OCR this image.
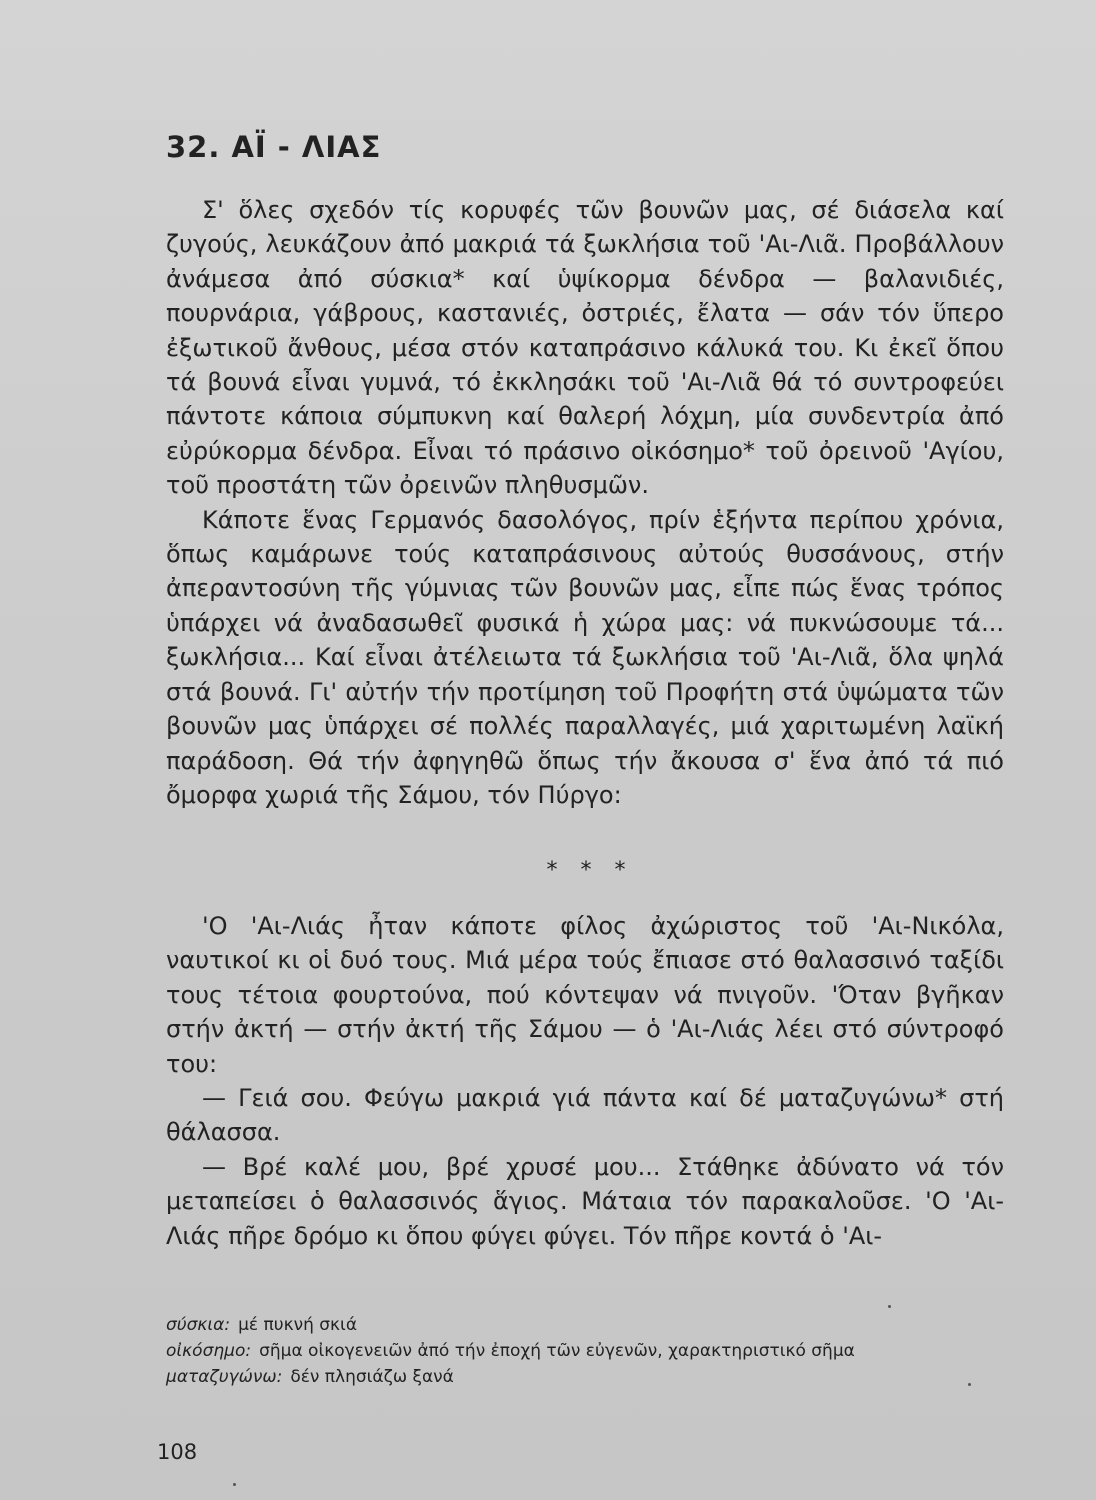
32. ΑΪ - ΛΙΑΣ

Σ' ὅλες σχεδόν τίς κορυφές τῶν βουνῶν μας, σέ διάσελα καί ζυγούς, λευκάζουν ἀπό μακριά τά ξωκλήσια τοῦ 'Αι-Λιᾶ. Προβάλλουν ἀνάμεσα ἀπό σύσκια* καί ὑψίκορμα δένδρα — βαλανιδιές, πουρνάρια, γάβρους, καστανιές, ὀστριές, ἔλατα — σάν τόν ὕπερο ἐξωτικοῦ ἄνθους, μέσα στόν καταπράσινο κάλυκά του. Κι ἐκεῖ ὅπου τά βουνά εἶναι γυμνά, τό ἐκκλησάκι τοῦ 'Αι-Λιᾶ θά τό συντροφεύει πάντοτε κάποια σύμπυκνη καί θαλερή λόχμη, μία συνδεντρία ἀπό εὐρύκορμα δένδρα. Εἶναι τό πράσινο οἰκόσημο* τοῦ ὀρεινοῦ 'Αγίου, τοῦ προστάτη τῶν ὀρεινῶν πληθυσμῶν.

Κάποτε ἕνας Γερμανός δασολόγος, πρίν ἑξήντα περίπου χρόνια, ὅπως καμάρωνε τούς καταπράσινους αὐτούς θυσσάνους, στήν ἀπεραντοσύνη τῆς γύμνιας τῶν βουνῶν μας, εἶπε πώς ἕνας τρόπος ὑπάρχει νά ἀναδασωθεῖ φυσικά ἡ χώρα μας: νά πυκνώσουμε τά... ξωκλήσια... Καί εἶναι ἀτέλειωτα τά ξωκλήσια τοῦ 'Αι-Λιᾶ, ὅλα ψηλά στά βουνά. Γι' αὐτήν τήν προτίμηση τοῦ Προφήτη στά ὑψώματα τῶν βουνῶν μας ὑπάρχει σέ πολλές παραλλαγές, μιά χαριτωμένη λαϊκή παράδοση. Θά τήν ἀφηγηθῶ ὅπως τήν ἄκουσα σ' ἕνα ἀπό τά πιό ὄμορφα χωριά τῆς Σάμου, τόν Πύργο:

* * *

'Ο 'Αι-Λιάς ἦταν κάποτε φίλος ἀχώριστος τοῦ 'Αι-Νικόλα, ναυτικοί κι οἱ δυό τους. Μιά μέρα τούς ἔπιασε στό θαλασσινό ταξίδι τους τέτοια φουρτούνα, πού κόντεψαν νά πνιγοῦν. 'Όταν βγῆκαν στήν ἀκτή — στήν ἀκτή τῆς Σάμου — ὁ 'Αι-Λιάς λέει στό σύντροφό του:

— Γειά σου. Φεύγω μακριά γιά πάντα καί δέ ματαζυγώνω* στή θάλασσα.

— Βρέ καλέ μου, βρέ χρυσέ μου... Στάθηκε ἀδύνατο νά τόν μεταπείσει ὁ θαλασσινός ἅγιος. Μάταια τόν παρακαλοῦσε. 'Ο 'Αι-Λιάς πῆρε δρόμο κι ὅπου φύγει φύγει. Τόν πῆρε κοντά ὁ 'Αι-

σύσκια: μέ πυκνή σκιά
οἰκόσημο: σῆμα οἰκογενειῶν ἀπό τήν ἐποχή τῶν εὐγενῶν, χαρακτηριστικό σῆμα
ματαζυγώνω: δέν πλησιάζω ξανά

108
